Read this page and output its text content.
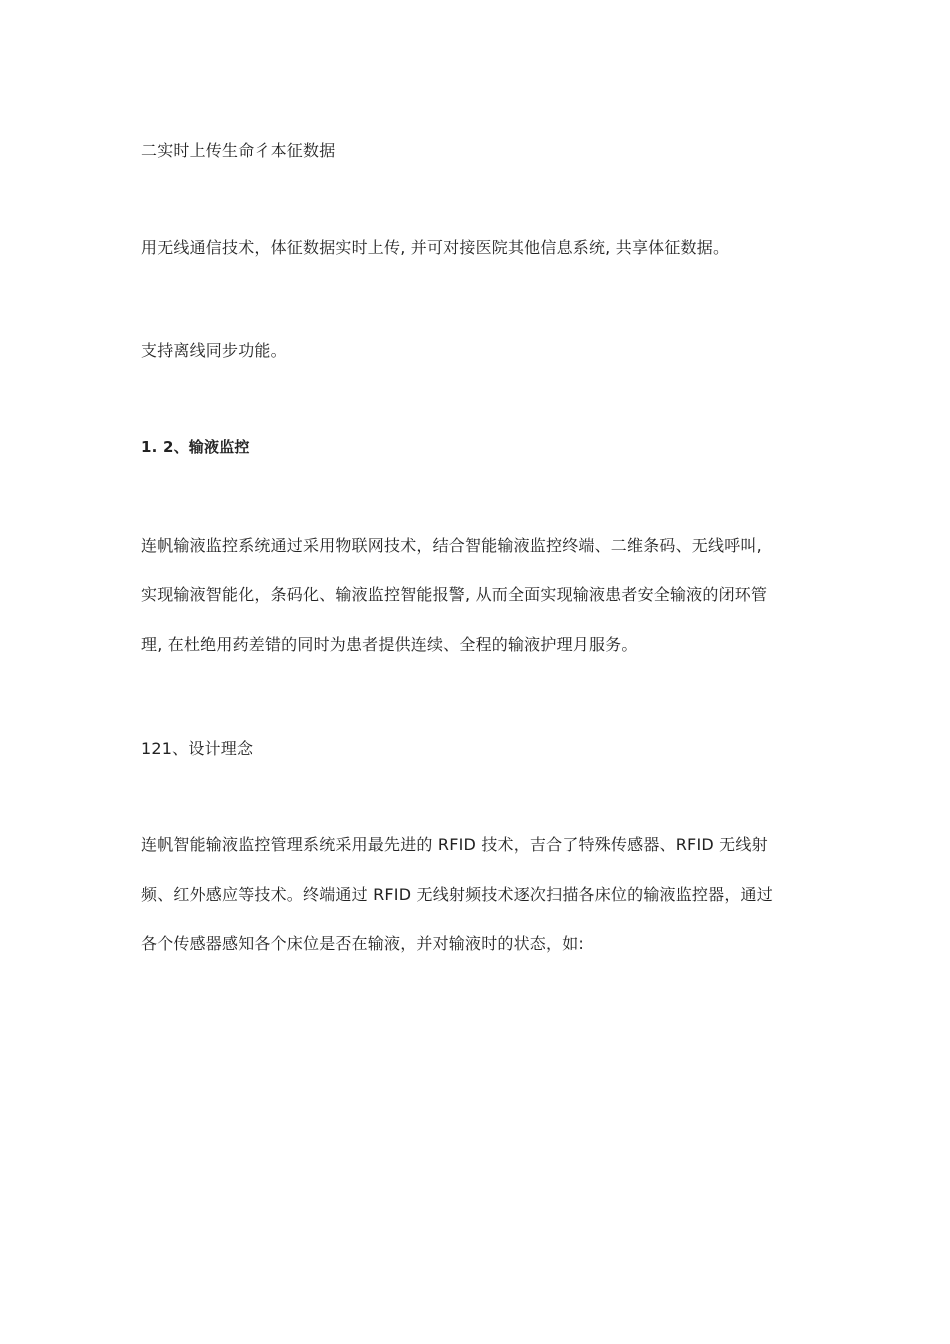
二实时上传生命彳本征数据
用无线通信技术，体征数据实时上传, 并可对接医院其他信息系统, 共享体征数据。
支持离线同步功能。
1. 2、输液监控
连帆输液监控系统通过采用物联网技术，结合智能输液监控终端、二维条码、无线呼叫,
实现输液智能化，条码化、输液监控智能报警, 从而全面实现输液患者安全输液的闭环管
理, 在杜绝用药差错的同时为患者提供连续、全程的输液护理月服务。
121、设计理念
连帆智能输液监控管理系统采用最先进的 RFID 技术，吉合了特殊传感器、RFID 无线射
频、红外感应等技术。终端通过 RFID 无线射频技术逐次扫描各床位的输液监控器，通过
各个传感器感知各个床位是否在输液，并对输液时的状态，如:
